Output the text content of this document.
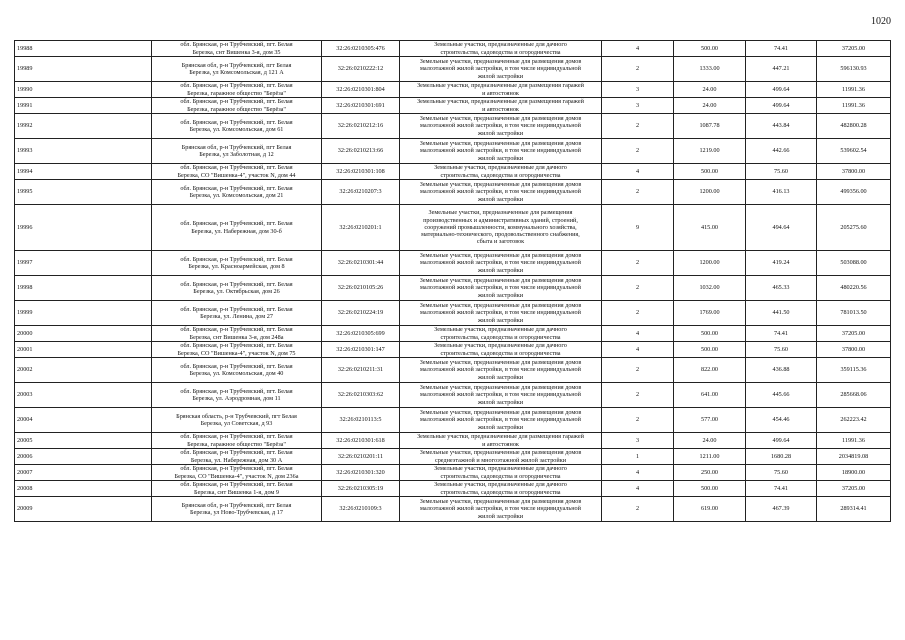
1020
19988	обл. Брянская, р-н Трубчевский, пгт. Белая
Березка, снт Вишенка 3-я, дом 35	32:26:0210305:476	Земельные участки, предназначенные для дачного
строительства, садоводства и огородничества	4	500.00	74.41	37205.00
19989	Брянская обл, р-н Трубчевский, пгт Белая
Березка, ул Комсомольская, д 121 А	32:26:0210222:12	Земельные участки, предназначенные для размещения домов
малоэтажной жилой застройки, в том числе индивидуальной
жилой застройки	2	1333.00	447.21	596130.93
19990	обл. Брянская, р-н Трубчевский, пгт. Белая
Березка, гаражное общество "Берёза"	32:26:0210301:804	Земельные участки, предназначенные для размещения гаражей
и автостоянок	3	24.00	499.64	11991.36
19991	обл. Брянская, р-н Трубчевский, пгт. Белая
Березка, гаражное общество "Берёза"	32:26:0210301:691	Земельные участки, предназначенные для размещения гаражей
и автостоянок	3	24.00	499.64	11991.36
19992	обл. Брянская, р-н Трубчевский, пгт. Белая
Березка, ул. Комсомольская, дом 61	32:26:0210212:16	Земельные участки, предназначенные для размещения домов
малоэтажной жилой застройки, в том числе индивидуальной
жилой застройки	2	1087.78	443.84	482800.28
19993	Брянская обл, р-н Трубчевский, пгт Белая
Березка, ул Заболотная, д 12	32:26:0210213:66	Земельные участки, предназначенные для размещения домов
малоэтажной жилой застройки, в том числе индивидуальной
жилой застройки	2	1219.00	442.66	539602.54
19994	обл. Брянская, р-н Трубчевский, пгт. Белая
Березка, СО "Вишенка-4", участок N, дом 44	32:26:0210301:108	Земельные участки, предназначенные для дачного
строительства, садоводства и огородничества	4	500.00	75.60	37800.00
19995	обл. Брянская, р-н Трубчевский, пгт. Белая
Березка, ул. Комсомольская, дом 21	32:26:0210207:3	Земельные участки, предназначенные для размещения домов
малоэтажной жилой застройки, в том числе индивидуальной
жилой застройки	2	1200.00	416.13	499356.00
19996	обл. Брянская, р-н Трубчевский, пгт. Белая
Березка, ул. Набережная, дом 30-б	32:26:0210201:1	Земельные участки, предназначенные для размещения
производственных и административных зданий, строений,
сооружений промышленности, коммунального хозяйства,
материально-технического, продовольственного снабжения,
сбыта и заготовок	9	415.00	494.64	205275.60
19997	обл. Брянская, р-н Трубчевский, пгт. Белая
Березка, ул. Красноармейская, дом 8	32:26:0210301:44	Земельные участки, предназначенные для размещения домов
малоэтажной жилой застройки, в том числе индивидуальной
жилой застройки	2	1200.00	419.24	503088.00
19998	обл. Брянская, р-н Трубчевский, пгт. Белая
Березка, ул. Октябрьская, дом 26	32:26:0210105:26	Земельные участки, предназначенные для размещения домов
малоэтажной жилой застройки, в том числе индивидуальной
жилой застройки	2	1032.00	465.33	480220.56
19999	обл. Брянская, р-н Трубчевский, пгт. Белая
Березка, ул. Ленина, дом 27	32:26:0210224:19	Земельные участки, предназначенные для размещения домов
малоэтажной жилой застройки, в том числе индивидуальной
жилой застройки	2	1769.00	441.50	781013.50
20000	обл. Брянская, р-н Трубчевский, пгт. Белая
Березка, снт Вишенка 3-я, дом 248а	32:26:0210305:699	Земельные участки, предназначенные для дачного
строительства, садоводства и огородничества	4	500.00	74.41	37205.00
20001	обл. Брянская, р-н Трубчевский, пгт. Белая
Березка, СО "Вишенка-4", участок N, дом 75	32:26:0210301:147	Земельные участки, предназначенные для дачного
строительства, садоводства и огородничества	4	500.00	75.60	37800.00
20002	обл. Брянская, р-н Трубчевский, пгт. Белая
Березка, ул. Комсомольская, дом 40	32:26:0210211:31	Земельные участки, предназначенные для размещения домов
малоэтажной жилой застройки, в том числе индивидуальной
жилой застройки	2	822.00	436.88	359115.36
20003	обл. Брянская, р-н Трубчевский, пгт. Белая
Березка, ул. Аэродромная, дом 11	32:26:0210303:62	Земельные участки, предназначенные для размещения домов
малоэтажной жилой застройки, в том числе индивидуальной
жилой застройки	2	641.00	445.66	285668.06
20004	Брянская область, р-н Трубчевский, пгт Белая
Березка, ул Советская, д 93	32:26:0210113:5	Земельные участки, предназначенные для размещения домов
малоэтажной жилой застройки, в том числе индивидуальной
жилой застройки	2	577.00	454.46	262223.42
20005	обл. Брянская, р-н Трубчевский, пгт. Белая
Березка, гаражное общество "Берёза"	32:26:0210301:618	Земельные участки, предназначенные для размещения гаражей
и автостоянок	3	24.00	499.64	11991.36
20006	обл. Брянская, р-н Трубчевский, пгт. Белая
Березка, ул. Набережная, дом 30 А	32:26:0210201:11	Земельные участки, предназначенные для размещения домов
среднеэтажной и многоэтажной жилой застройки	1	1211.00	1680.28	2034819.08
20007	обл. Брянская, р-н Трубчевский, пгт. Белая
Березка, СО "Вишенка-4", участок N, дом 236а	32:26:0210301:320	Земельные участки, предназначенные для дачного
строительства, садоводства и огородничества	4	250.00	75.60	18900.00
20008	обл. Брянская, р-н Трубчевский, пгт. Белая
Березка, снт Вишенка 1-я, дом 9	32:26:0210305:19	Земельные участки, предназначенные для дачного
строительства, садоводства и огородничества	4	500.00	74.41	37205.00
20009	Брянская обл, р-н Трубчевский, пгт Белая
Березка, ул Ново-Трубчевская, д 17	32:26:0210109:3	Земельные участки, предназначенные для размещения домов
малоэтажной жилой застройки, в том числе индивидуальной
жилой застройки	2	619.00	467.39	289314.41
